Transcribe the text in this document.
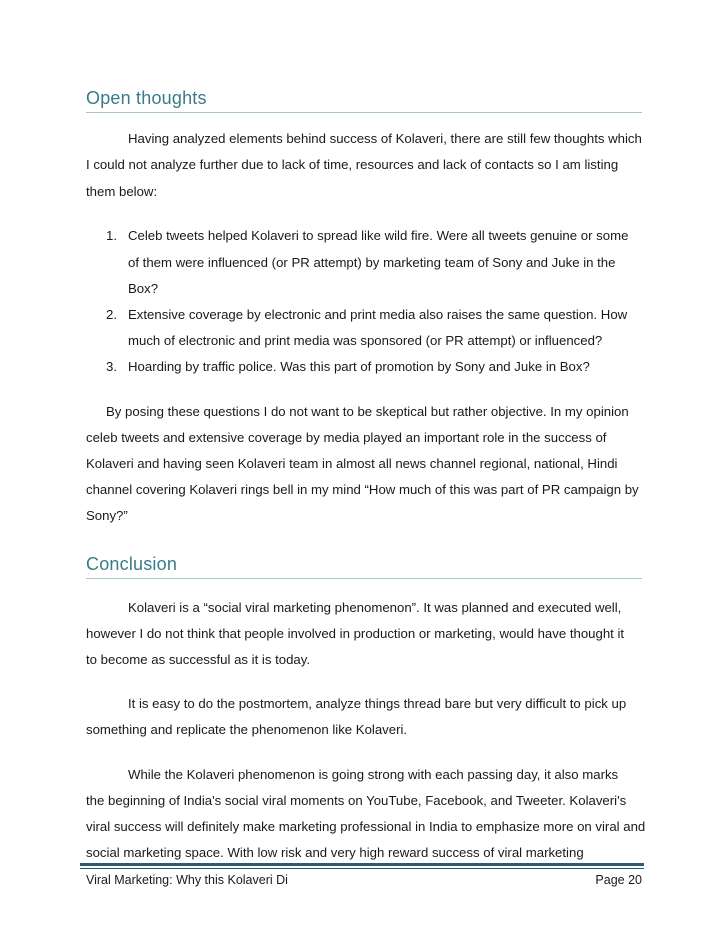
Open thoughts

Having analyzed elements behind success of Kolaveri, there are still few thoughts which

I could not analyze further due to lack of time, resources and lack of contacts so I am listing

them below:

1. Celeb tweets helped Kolaveri to spread like wild fire. Were all tweets genuine or some

of them were influenced (or PR attempt) by marketing team of Sony and Juke in the

Box?

2. Extensive coverage by electronic and print media also raises the same question. How

much of electronic and print media was sponsored (or PR attempt) or influenced?

3. Hoarding by traffic police. Was this part of promotion by Sony and Juke in Box?

By posing these questions I do not want to be skeptical but rather objective. In my opinion

celeb tweets and extensive coverage by media played an important role in the success of

Kolaveri and having seen Kolaveri team in almost all news channel regional, national, Hindi

channel covering Kolaveri rings bell in my mind “How much of this was part of PR campaign by

Sony?”

Conclusion

Kolaveri is a “social viral marketing phenomenon”. It was planned and executed well,

however I do not think that people involved in production or marketing, would have thought it

to become as successful as it is today.

It is easy to do the postmortem, analyze things thread bare but very difficult to pick up

something and replicate the phenomenon like Kolaveri.

While the Kolaveri phenomenon is going strong with each passing day, it also marks

the beginning of India's social viral moments on YouTube, Facebook, and Tweeter. Kolaveri's

viral success will definitely make marketing professional in India to emphasize more on viral and

social marketing space. With low risk and very high reward success of viral marketing

Viral Marketing: Why this Kolaveri Di	Page 20
